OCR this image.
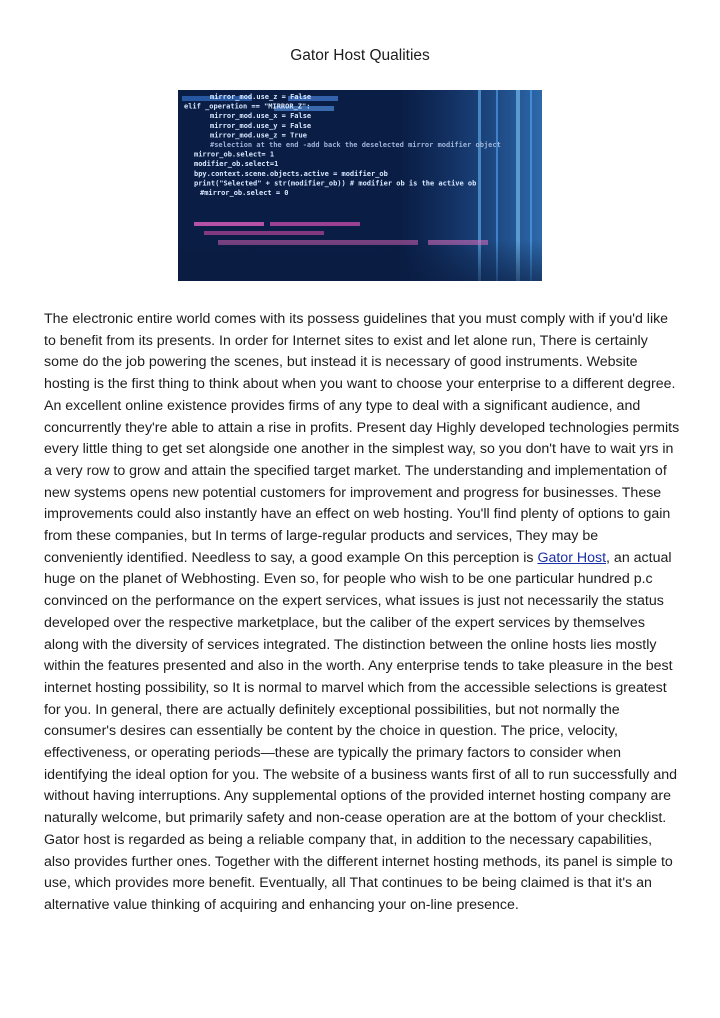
Gator Host Qualities
mirror_mod.use_z = False
elif _operation == "MIRROR_Z":
mirror_mod.use_x = False
mirror_mod.use_y = False
mirror_mod.use_z = True
#selection at the end -add back the deselected mirror modifier object
mirror_ob.select= 1
modifier_ob.select=1
bpy.context.scene.objects.active = modifier_ob
print("Selected" + str(modifier_ob)) # modifier ob is the active ob
#mirror_ob.select = 0

The electronic entire world comes with its possess guidelines that you must comply with if you'd like to benefit from its presents. In order for Internet sites to exist and let alone run, There is certainly some do the job powering the scenes, but instead it is necessary of good instruments. Website hosting is the first thing to think about when you want to choose your enterprise to a different degree. An excellent online existence provides firms of any type to deal with a significant audience, and concurrently they're able to attain a rise in profits. Present day Highly developed technologies permits every little thing to get set alongside one another in the simplest way, so you don't have to wait yrs in a very row to grow and attain the specified target market. The understanding and implementation of new systems opens new potential customers for improvement and progress for businesses. These improvements could also instantly have an effect on web hosting. You'll find plenty of options to gain from these companies, but In terms of large-regular products and services, They may be conveniently identified. Needless to say, a good example On this perception is Gator Host, an actual huge on the planet of Webhosting. Even so, for people who wish to be one particular hundred p.c convinced on the performance on the expert services, what issues is just not necessarily the status developed over the respective marketplace, but the caliber of the expert services by themselves along with the diversity of services integrated. The distinction between the online hosts lies mostly within the features presented and also in the worth. Any enterprise tends to take pleasure in the best internet hosting possibility, so It is normal to marvel which from the accessible selections is greatest for you. In general, there are actually definitely exceptional possibilities, but not normally the consumer's desires can essentially be content by the choice in question. The price, velocity, effectiveness, or operating periods—these are typically the primary factors to consider when identifying the ideal option for you. The website of a business wants first of all to run successfully and without having interruptions. Any supplemental options of the provided internet hosting company are naturally welcome, but primarily safety and non-cease operation are at the bottom of your checklist.

Gator host is regarded as being a reliable company that, in addition to the necessary capabilities, also provides further ones. Together with the different internet hosting methods, its panel is simple to use, which provides more benefit. Eventually, all That continues to be being claimed is that it's an alternative value thinking of acquiring and enhancing your on-line presence.
